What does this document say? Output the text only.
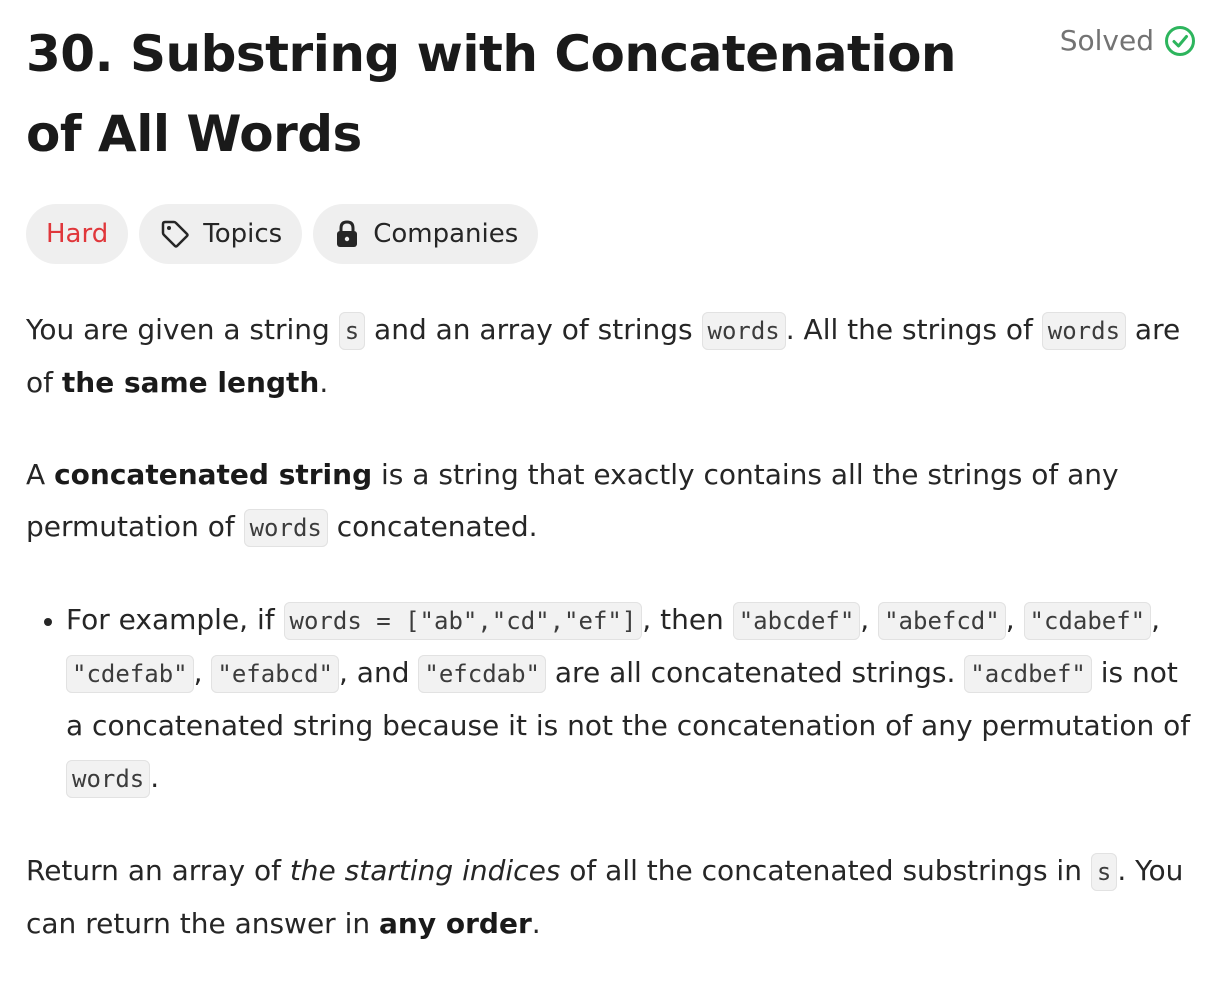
30. Substring with Concatenation of All Words
Solved
Hard	Topics	Companies

You are given a string s and an array of strings words . All the strings of words are of the same length.

A concatenated string is a string that exactly contains all the strings of any permutation of words concatenated.

• For example, if words = ["ab","cd","ef"] , then "abcdef" , "abefcd" , "cdabef" , "cdefab" , "efabcd" , and "efcdab" are all concatenated strings. "acdbef" is not a concatenated string because it is not the concatenation of any permutation of words .

Return an array of the starting indices of all the concatenated substrings in s . You can return the answer in any order.
